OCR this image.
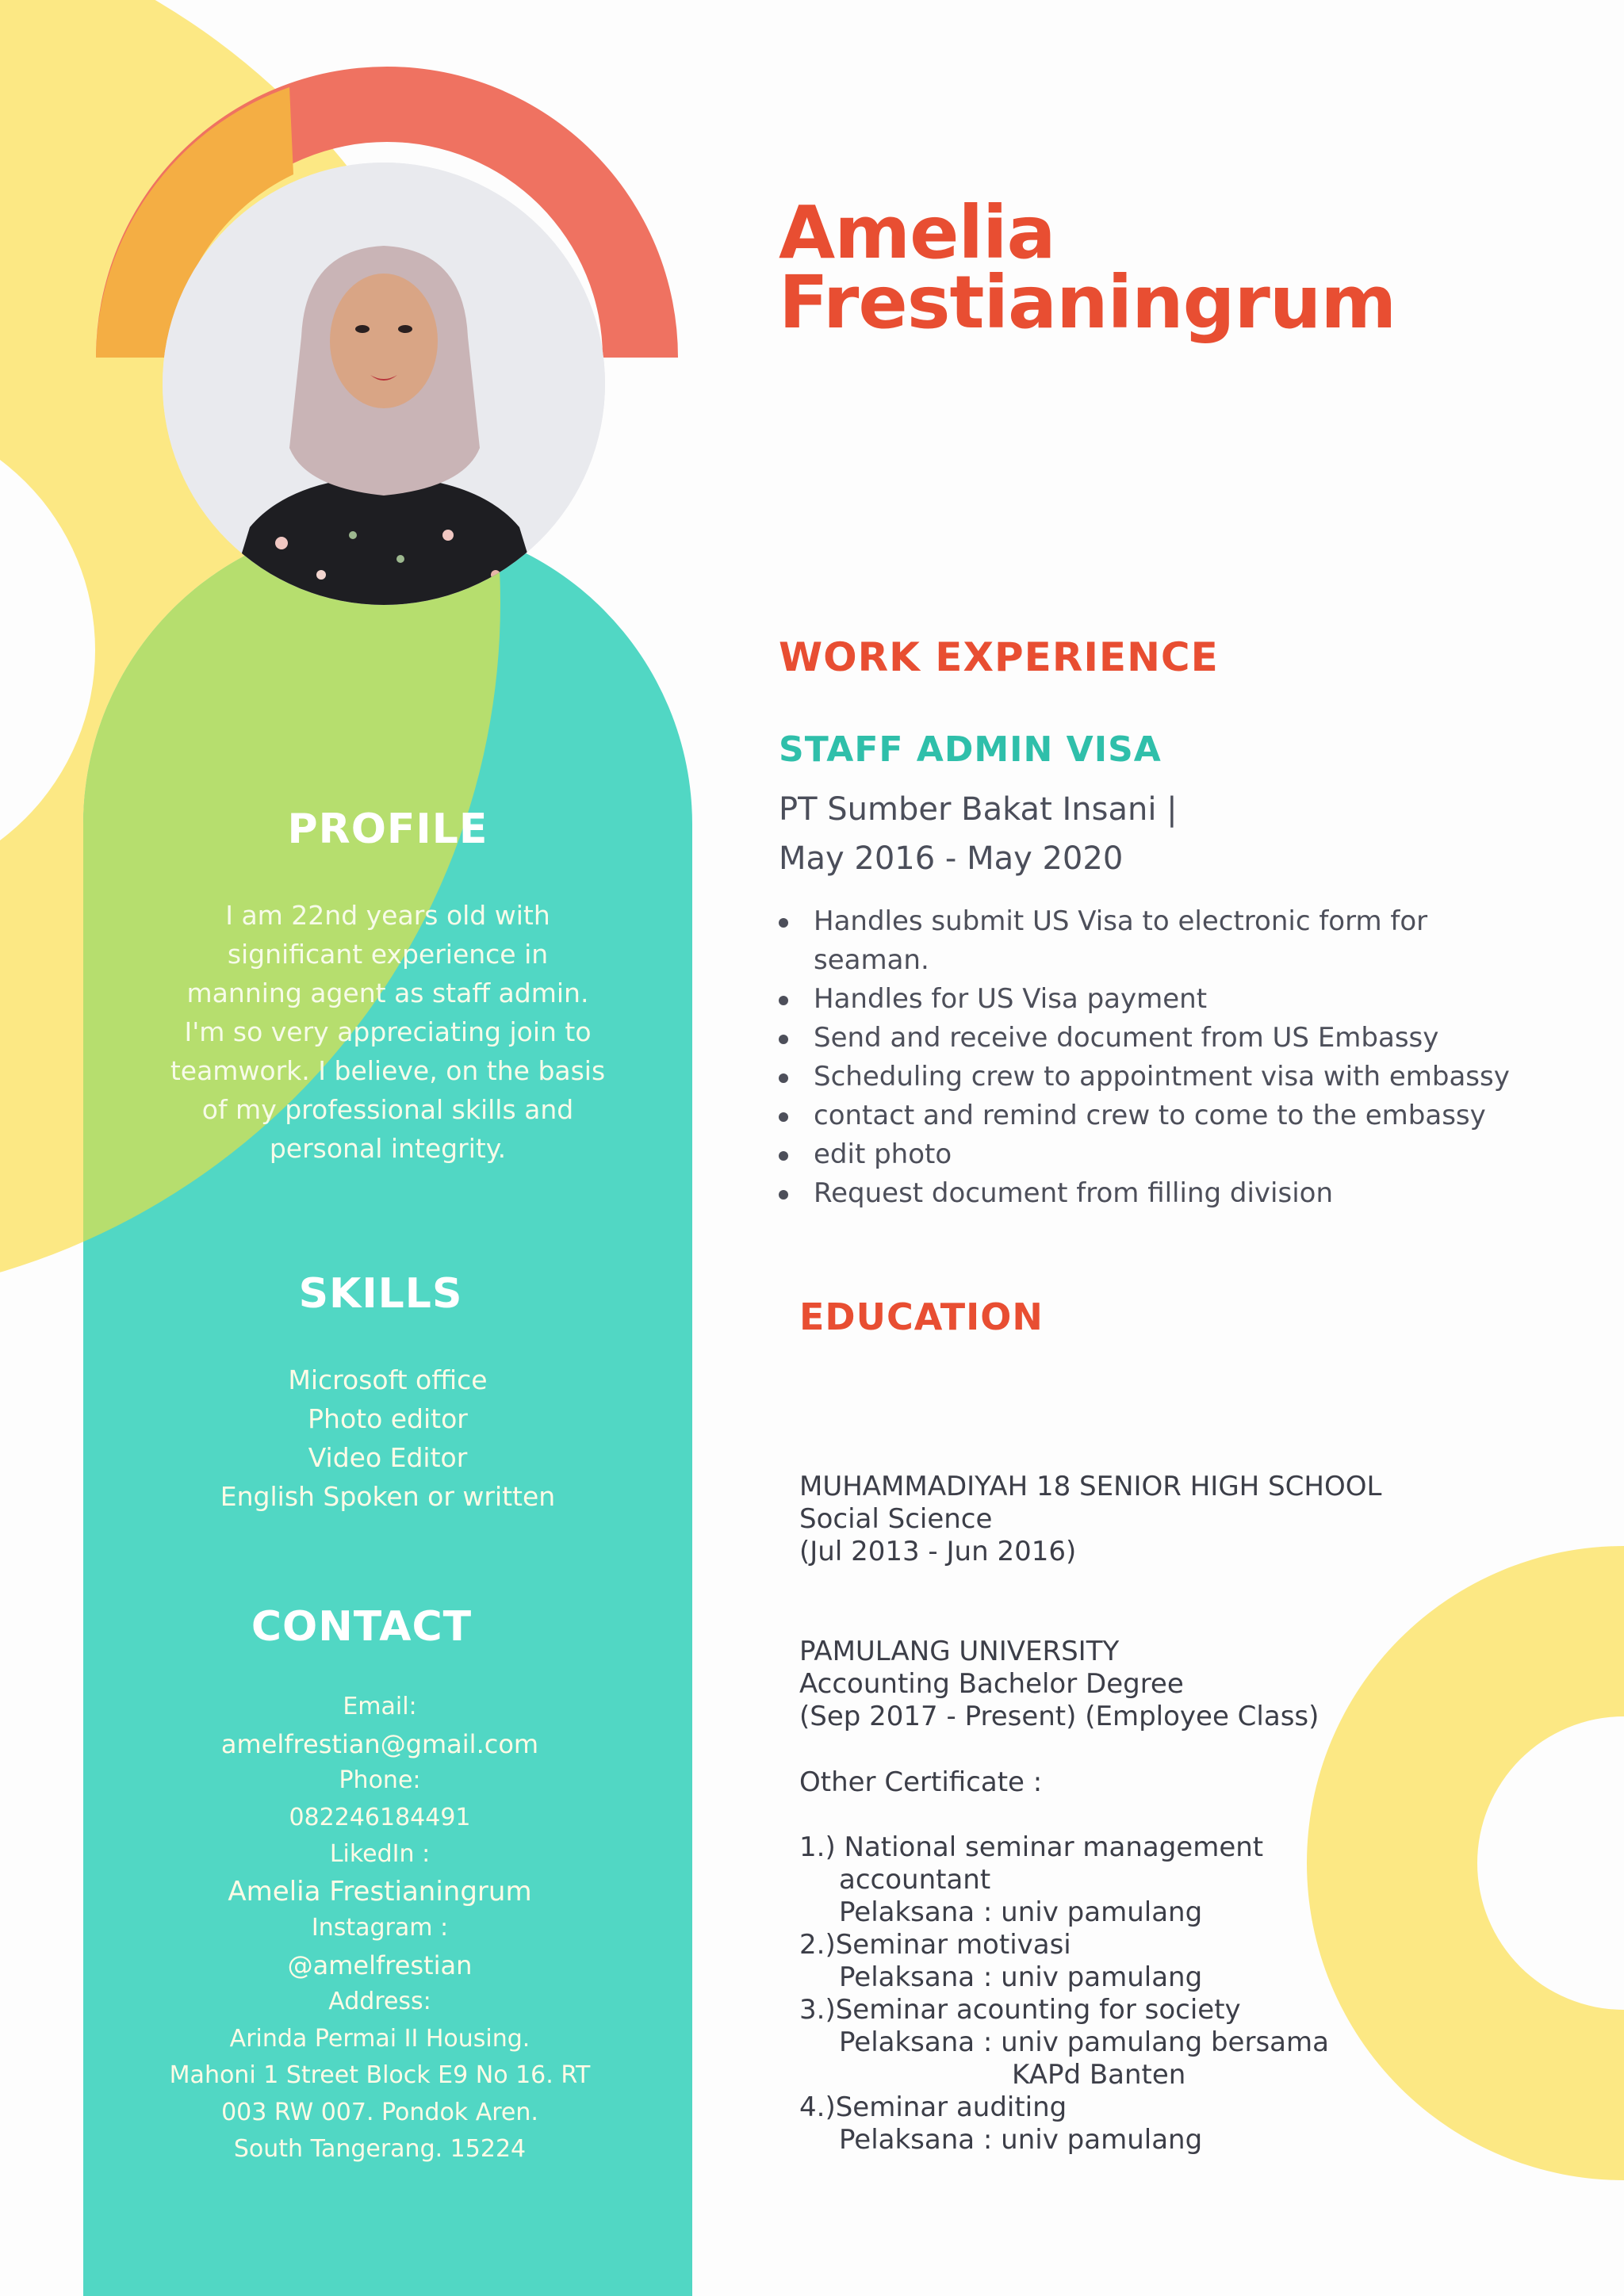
Amelia
Frestianingrum
PROFILE
I am 22nd years old with
significant experience in
manning agent as staff admin.
I'm so very appreciating join to
teamwork. I believe, on the basis
of my professional skills and
personal integrity.
SKILLS
Microsoft office
Photo editor
Video Editor
English Spoken or written
CONTACT
Email:
amelfrestian@gmail.com
Phone:
082246184491
LikedIn :
Amelia Frestianingrum
Instagram :
@amelfrestian
Address:
Arinda Permai II Housing.
Mahoni 1 Street Block E9 No 16. RT
003 RW 007. Pondok Aren.
South Tangerang. 15224
WORK EXPERIENCE
STAFF ADMIN VISA
PT Sumber Bakat Insani |
May 2016 - May 2020
Handles submit US Visa to electronic form for
seaman.
Handles for US Visa payment
Send and receive document from US Embassy
Scheduling crew to appointment visa with embassy
contact and remind crew to come to the embassy
edit photo
Request document from filling division
EDUCATION
MUHAMMADIYAH 18 SENIOR HIGH SCHOOL
Social Science
(Jul 2013 - Jun 2016)
PAMULANG UNIVERSITY
Accounting Bachelor Degree
(Sep 2017 - Present) (Employee Class)
Other Certificate :
1.) National seminar management
accountant
Pelaksana : univ pamulang
2.)Seminar motivasi
Pelaksana : univ pamulang
3.)Seminar acounting for society
Pelaksana : univ pamulang bersama
KAPd Banten
4.)Seminar auditing
Pelaksana : univ pamulang
